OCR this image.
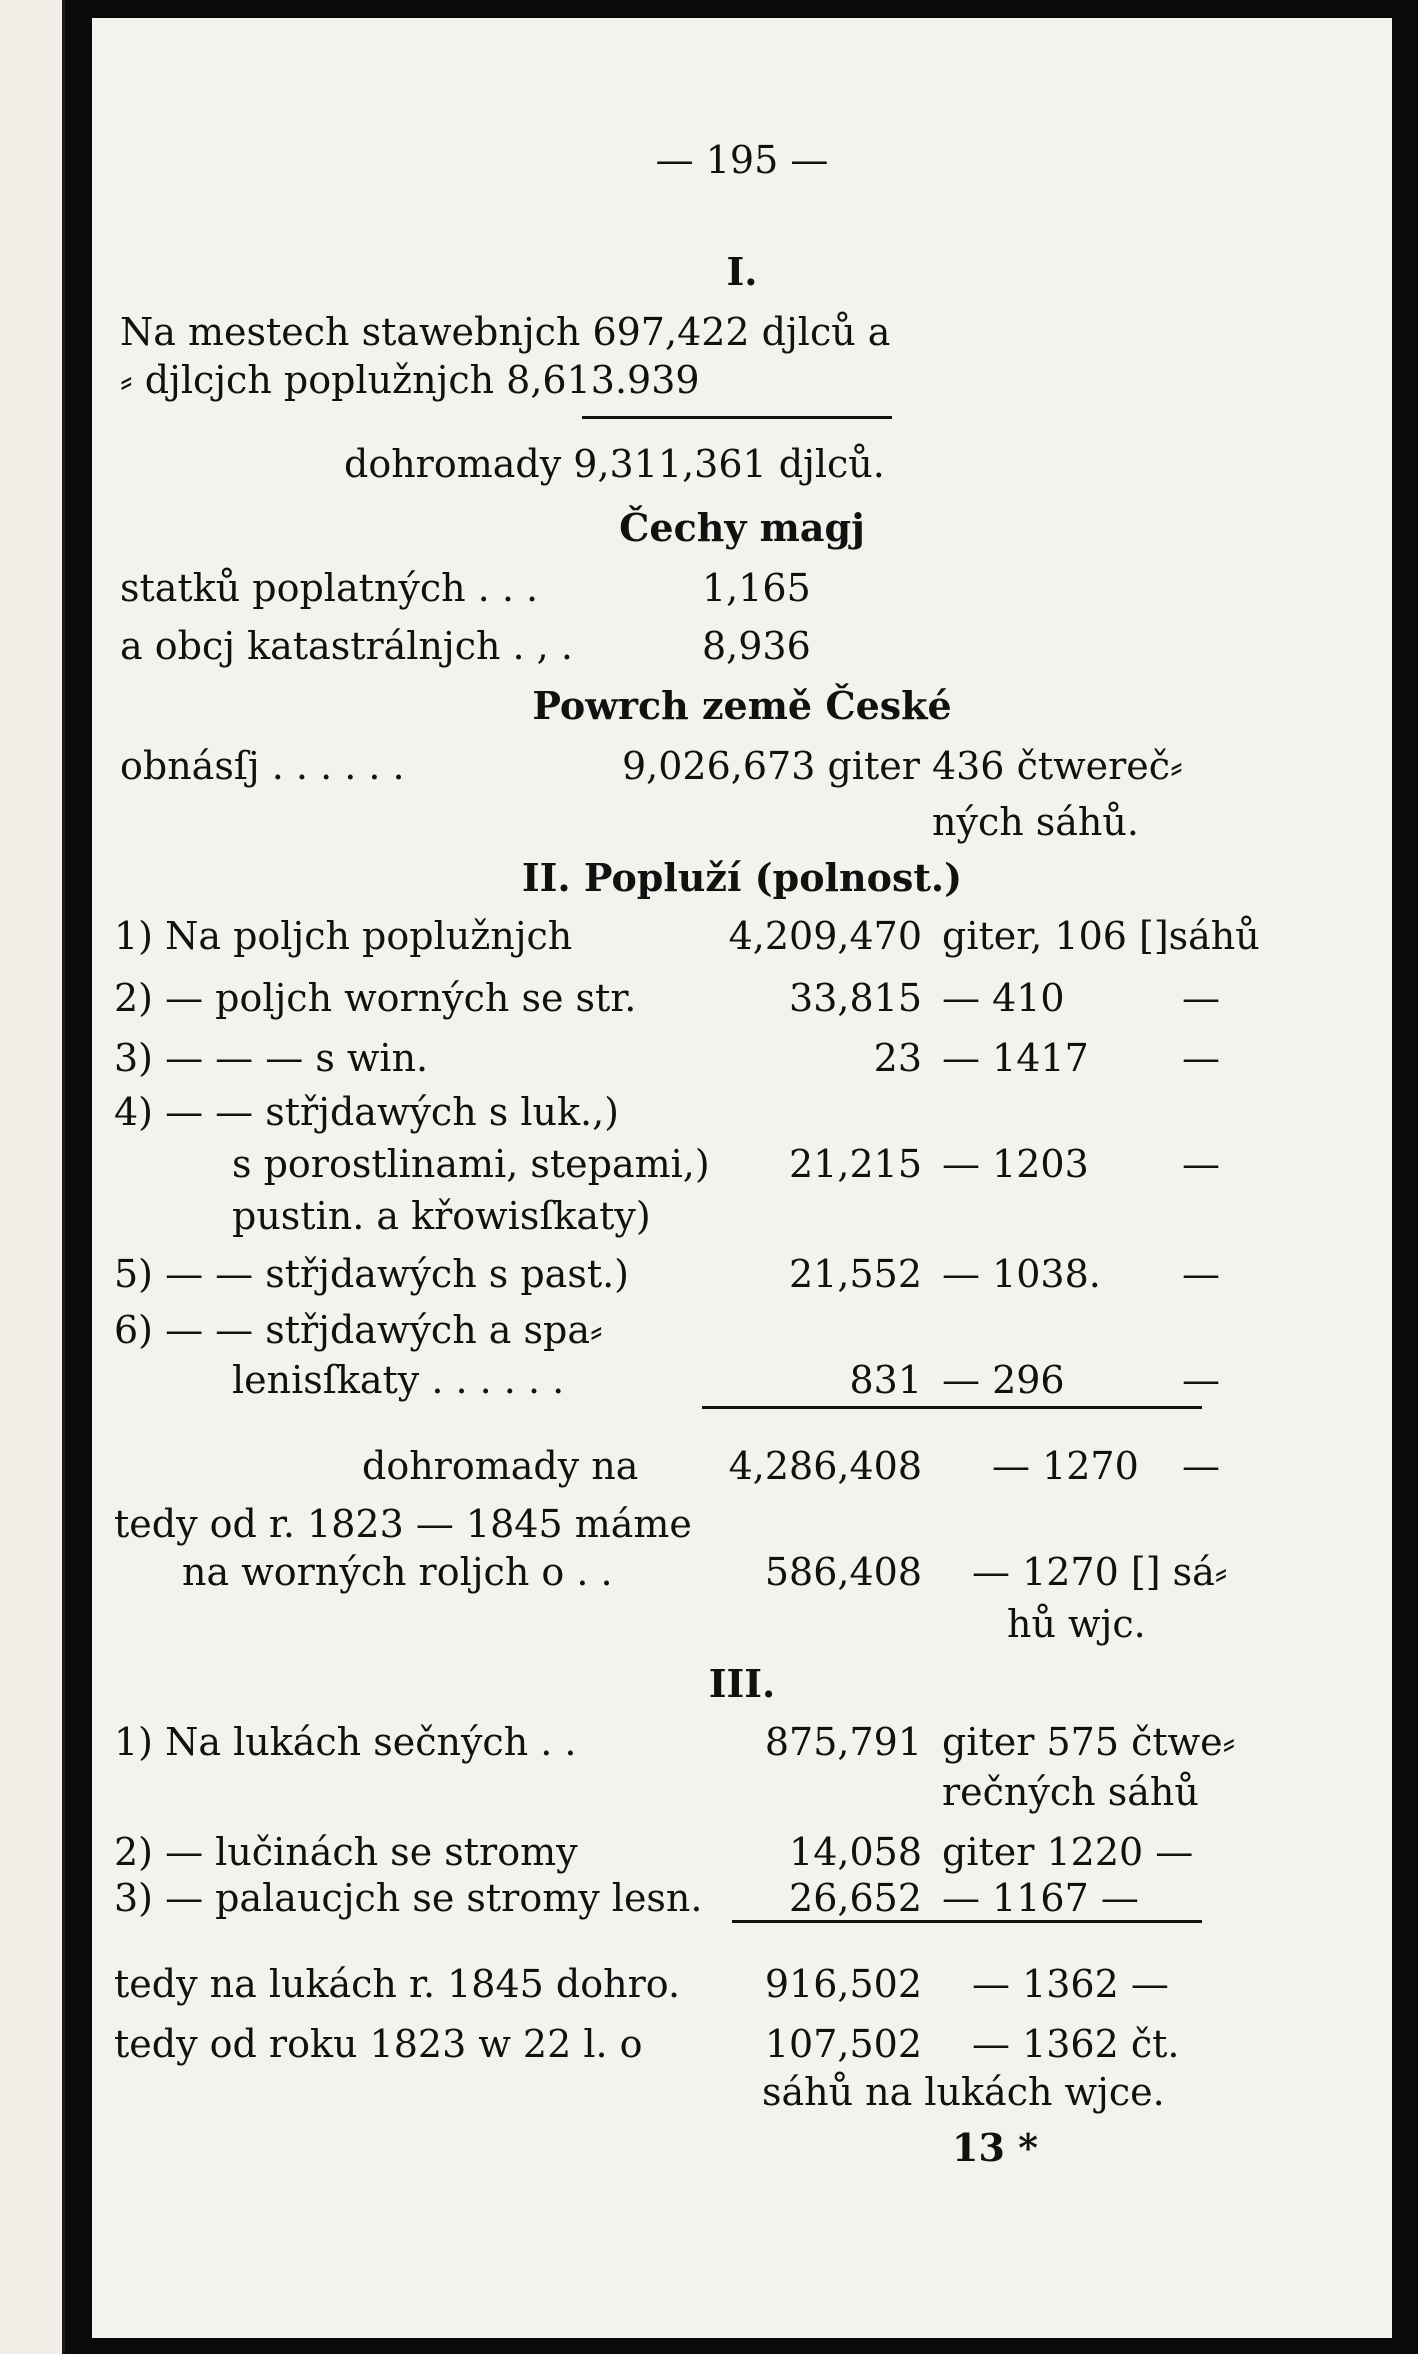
— 195 —
I.
Na mestech stawebnjch 697,422 djlců a
⸗ djlcjch poplužnjch 8,613.939
dohromady 9,311,361 djlců.
Čechy magj
statků poplatných . . .	1,165
a obcj katastrálnjch . , .	8,936
Powrch země České
obnásſj . . . . . .	9,026,673 giter 436 čtwereč⸗
ných sáhů.
II. Popluží (polnost.)
1) Na poljch poplužnjch	4,209,470 giter, 106 []sáhů
2) — poljch worných se str.	33,815 — 410	—
3) — — — s win.	23 — 1417 —
4) — — střjdawých s luk.,)
s porostlinami, stepami,)	21,215 — 1203 —
pustin. a křowisſkaty)
5) — — střjdawých s past.)	21,552 — 1038. —
6) — — střjdawých a spa⸗
lenisſkaty . . . . . .	831 — 296	—
dohromady na	4,286,408 — 1270 —
tedy od r. 1823 — 1845 máme
na worných roljch o . .	586,408 — 1270 [] sá⸗
hů wjc.
III.
1) Na lukách sečných . .	875,791 giter 575 čtwe⸗
rečných sáhů
2) — lučinách se stromy	14,058 giter 1220 —
3) — palaucjch se stromy lesn.	26,652 — 1167 —
tedy na lukách r. 1845 dohro.	916,502 — 1362 —
tedy od roku 1823 w 22 l. o	107,502 — 1362 čt.
sáhů na lukách wjce.
13 *
